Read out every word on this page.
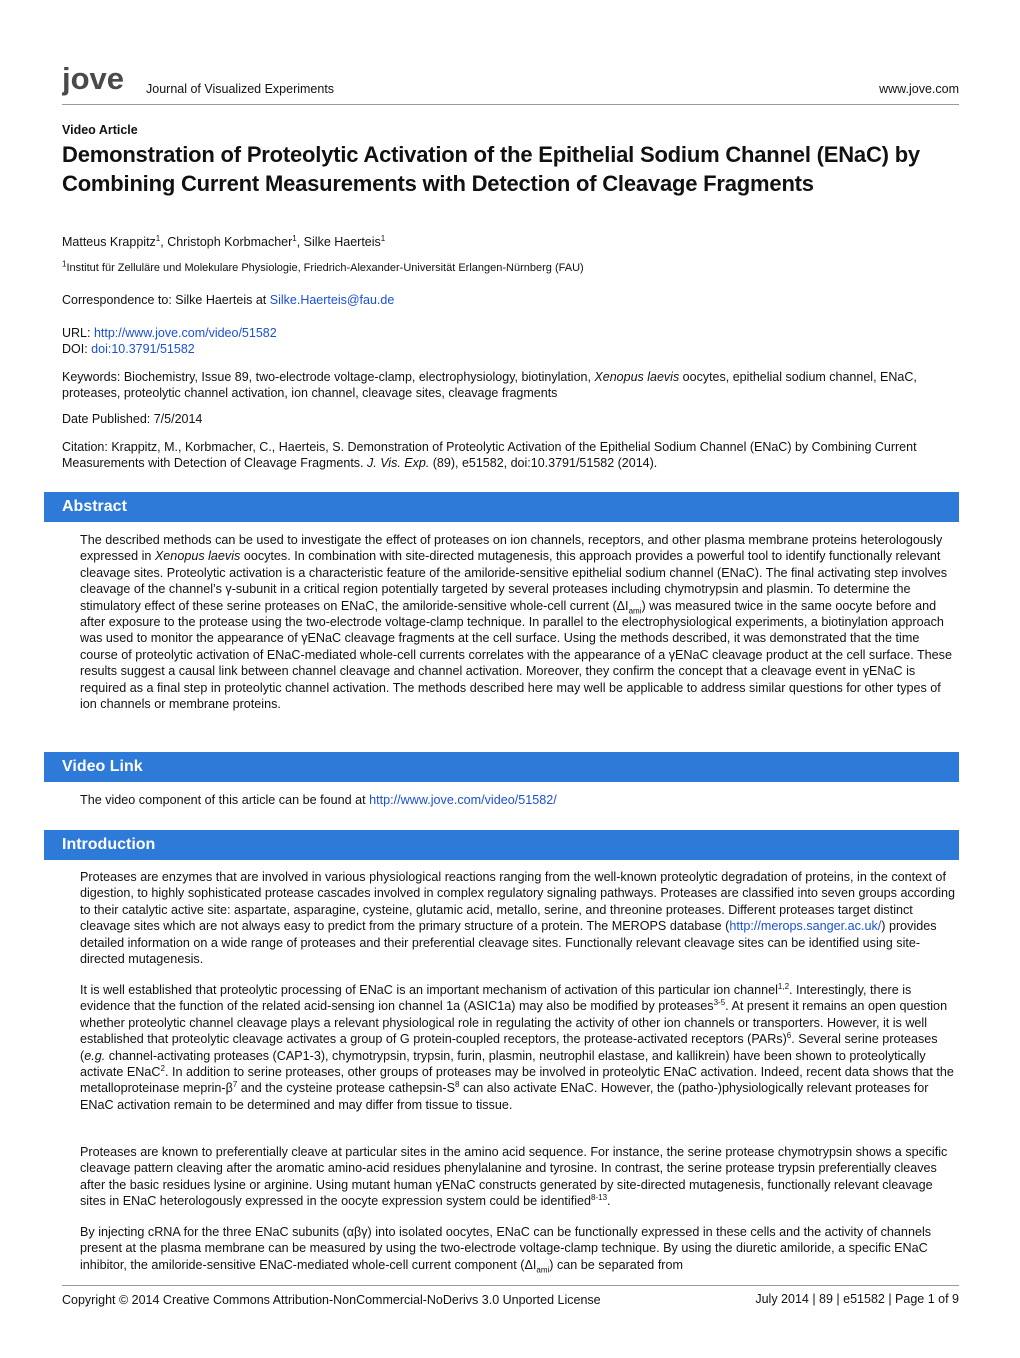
jove Journal of Visualized Experiments	www.jove.com
Video Article
Demonstration of Proteolytic Activation of the Epithelial Sodium Channel (ENaC) by Combining Current Measurements with Detection of Cleavage Fragments
Matteus Krappitz$^1$, Christoph Korbmacher$^1$, Silke Haerteis$^1$
$^1$Institut für Zelluläre und Molekulare Physiologie, Friedrich-Alexander-Universität Erlangen-Nürnberg (FAU)
Correspondence to: Silke Haerteis at Silke.Haerteis@fau.de
URL: http://www.jove.com/video/51582
DOI: doi:10.3791/51582
Keywords: Biochemistry, Issue 89, two-electrode voltage-clamp, electrophysiology, biotinylation, Xenopus laevis oocytes, epithelial sodium channel, ENaC, proteases, proteolytic channel activation, ion channel, cleavage sites, cleavage fragments
Date Published: 7/5/2014
Citation: Krappitz, M., Korbmacher, C., Haerteis, S. Demonstration of Proteolytic Activation of the Epithelial Sodium Channel (ENaC) by Combining Current Measurements with Detection of Cleavage Fragments. J. Vis. Exp. (89), e51582, doi:10.3791/51582 (2014).
Abstract
The described methods can be used to investigate the effect of proteases on ion channels, receptors, and other plasma membrane proteins heterologously expressed in Xenopus laevis oocytes. In combination with site-directed mutagenesis, this approach provides a powerful tool to identify functionally relevant cleavage sites. Proteolytic activation is a characteristic feature of the amiloride-sensitive epithelial sodium channel (ENaC). The final activating step involves cleavage of the channel’s γ-subunit in a critical region potentially targeted by several proteases including chymotrypsin and plasmin. To determine the stimulatory effect of these serine proteases on ENaC, the amiloride-sensitive whole-cell current $(\Delta I_{ami})$ was measured twice in the same oocyte before and after exposure to the protease using the two-electrode voltage-clamp technique. In parallel to the electrophysiological experiments, a biotinylation approach was used to monitor the appearance of γENaC cleavage fragments at the cell surface. Using the methods described, it was demonstrated that the time course of proteolytic activation of ENaC-mediated whole-cell currents correlates with the appearance of a γENaC cleavage product at the cell surface. These results suggest a causal link between channel cleavage and channel activation. Moreover, they confirm the concept that a cleavage event in γENaC is required as a final step in proteolytic channel activation. The methods described here may well be applicable to address similar questions for other types of ion channels or membrane proteins.
Video Link
The video component of this article can be found at http://www.jove.com/video/51582/
Introduction
Proteases are enzymes that are involved in various physiological reactions ranging from the well-known proteolytic degradation of proteins, in the context of digestion, to highly sophisticated protease cascades involved in complex regulatory signaling pathways. Proteases are classified into seven groups according to their catalytic active site: aspartate, asparagine, cysteine, glutamic acid, metallo, serine, and threonine proteases. Different proteases target distinct cleavage sites which are not always easy to predict from the primary structure of a protein. The MEROPS database (http://merops.sanger.ac.uk/) provides detailed information on a wide range of proteases and their preferential cleavage sites. Functionally relevant cleavage sites can be identified using site-directed mutagenesis.
It is well established that proteolytic processing of ENaC is an important mechanism of activation of this particular ion channel$^{1,2}$. Interestingly, there is evidence that the function of the related acid-sensing ion channel 1a (ASIC1a) may also be modified by proteases$^{3-5}$. At present it remains an open question whether proteolytic channel cleavage plays a relevant physiological role in regulating the activity of other ion channels or transporters. However, it is well established that proteolytic cleavage activates a group of G protein-coupled receptors, the protease-activated receptors (PARs)$^6$. Several serine proteases (e.g. channel-activating proteases (CAP1-3), chymotrypsin, trypsin, furin, plasmin, neutrophil elastase, and kallikrein) have been shown to proteolytically activate ENaC$^2$. In addition to serine proteases, other groups of proteases may be involved in proteolytic ENaC activation. Indeed, recent data shows that the metalloproteinase meprin-$\beta^7$ and the cysteine protease cathepsin-$S^8$ can also activate ENaC. However, the (patho-)physiologically relevant proteases for ENaC activation remain to be determined and may differ from tissue to tissue.
Proteases are known to preferentially cleave at particular sites in the amino acid sequence. For instance, the serine protease chymotrypsin shows a specific cleavage pattern cleaving after the aromatic amino-acid residues phenylalanine and tyrosine. In contrast, the serine protease trypsin preferentially cleaves after the basic residues lysine or arginine. Using mutant human γENaC constructs generated by site-directed mutagenesis, functionally relevant cleavage sites in ENaC heterologously expressed in the oocyte expression system could be identified$^{8-13}$.
By injecting cRNA for the three ENaC subunits (αβγ) into isolated oocytes, ENaC can be functionally expressed in these cells and the activity of channels present at the plasma membrane can be measured by using the two-electrode voltage-clamp technique. By using the diuretic amiloride, a specific ENaC inhibitor, the amiloride-sensitive ENaC-mediated whole-cell current component $(\Delta I_{ami})$ can be separated from
Copyright © 2014 Creative Commons Attribution-NonCommercial-NoDerivs 3.0 Unported License	July 2014 | 89 | e51582 | Page 1 of 9
